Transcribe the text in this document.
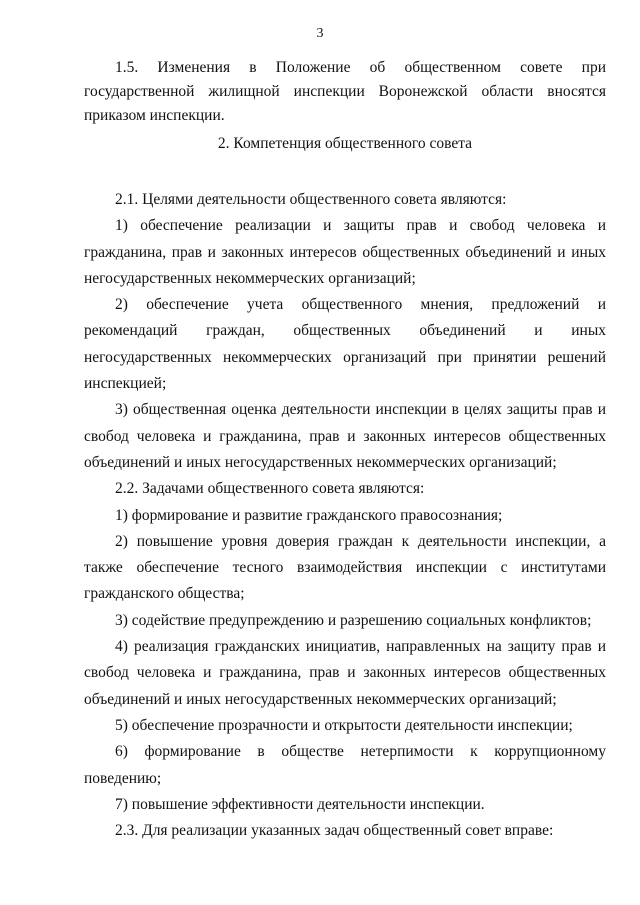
3

1.5. Изменения в Положение об общественном совете при государственной жилищной инспекции Воронежской области вносятся приказом инспекции.

2. Компетенция общественного совета

2.1. Целями деятельности общественного совета являются:

1) обеспечение реализации и защиты прав и свобод человека и гражданина, прав и законных интересов общественных объединений и иных негосударственных некоммерческих организаций;

2) обеспечение учета общественного мнения, предложений и рекомендаций граждан, общественных объединений и иных негосударственных некоммерческих организаций при принятии решений инспекцией;

3) общественная оценка деятельности инспекции в целях защиты прав и свобод человека и гражданина, прав и законных интересов общественных объединений и иных негосударственных некоммерческих организаций;

2.2. Задачами общественного совета являются:

1) формирование и развитие гражданского правосознания;

2) повышение уровня доверия граждан к деятельности инспекции, а также обеспечение тесного взаимодействия инспекции с институтами гражданского общества;

3) содействие предупреждению и разрешению социальных конфликтов;

4) реализация гражданских инициатив, направленных на защиту прав и свобод человека и гражданина, прав и законных интересов общественных объединений и иных негосударственных некоммерческих организаций;

5) обеспечение прозрачности и открытости деятельности инспекции;

6) формирование в обществе нетерпимости к коррупционному поведению;

7) повышение эффективности деятельности инспекции.

2.3. Для реализации указанных задач общественный совет вправе:
